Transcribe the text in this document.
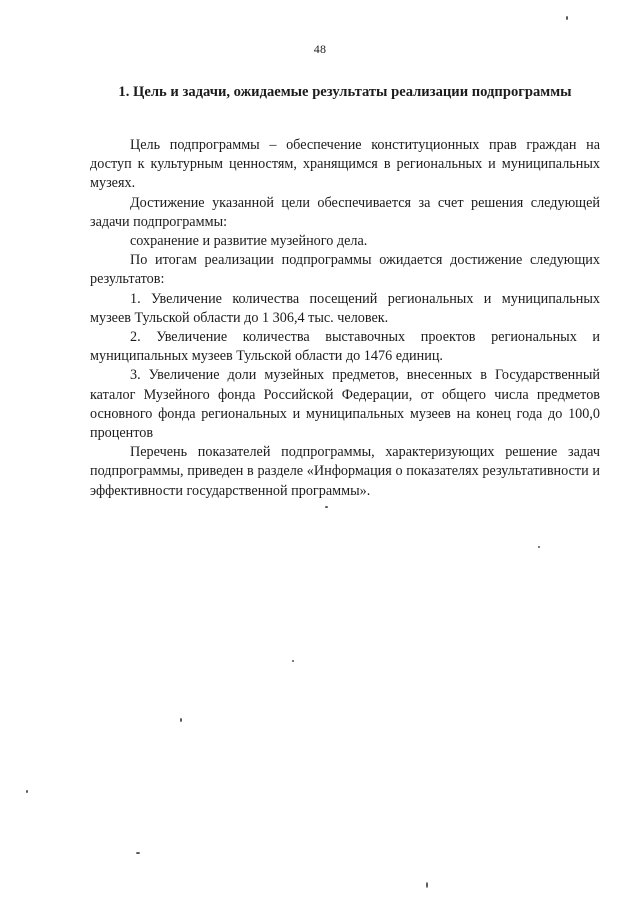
48
1. Цель и задачи, ожидаемые результаты реализации подпрограммы

Цель подпрограммы – обеспечение конституционных прав граждан на доступ к культурным ценностям, хранящимся в региональных и муниципальных музеях.

Достижение указанной цели обеспечивается за счет решения следующей задачи подпрограммы:

сохранение и развитие музейного дела.

По итогам реализации подпрограммы ожидается достижение следующих результатов:

1. Увеличение количества посещений региональных и муниципальных музеев Тульской области до 1 306,4 тыс. человек.

2. Увеличение количества выставочных проектов региональных и муниципальных музеев Тульской области до 1476 единиц.

3. Увеличение доли музейных предметов, внесенных в Государственный каталог Музейного фонда Российской Федерации, от общего числа предметов основного фонда региональных и муниципальных музеев на конец года до 100,0 процентов

Перечень показателей подпрограммы, характеризующих решение задач подпрограммы, приведен в разделе «Информация о показателях результативности и эффективности государственной программы».
